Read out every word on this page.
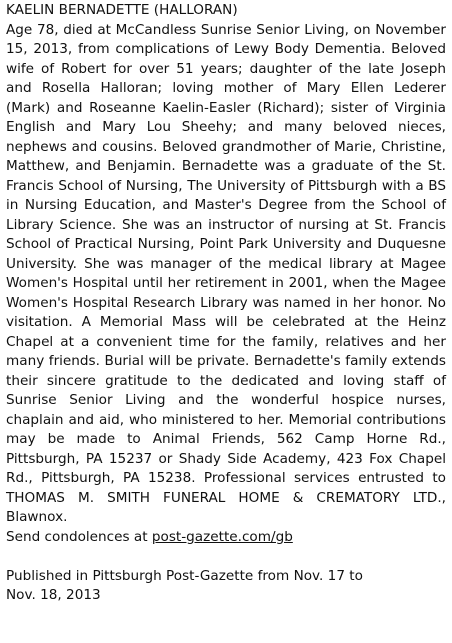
KAELIN BERNADETTE (HALLORAN)

Age 78, died at McCandless Sunrise Senior Living, on November 15, 2013, from complications of Lewy Body Dementia. Beloved wife of Robert for over 51 years; daughter of the late Joseph and Rosella Halloran; loving mother of Mary Ellen Lederer (Mark) and Roseanne Kaelin-Easler (Richard); sister of Virginia English and Mary Lou Sheehy; and many beloved nieces, nephews and cousins. Beloved grandmother of Marie, Christine, Matthew, and Benjamin. Bernadette was a graduate of the St. Francis School of Nursing, The University of Pittsburgh with a BS in Nursing Education, and Master's Degree from the School of Library Science. She was an instructor of nursing at St. Francis School of Practical Nursing, Point Park University and Duquesne University. She was manager of the medical library at Magee Women's Hospital until her retirement in 2001, when the Magee Women's Hospital Research Library was named in her honor. No visitation. A Memorial Mass will be celebrated at the Heinz Chapel at a convenient time for the family, relatives and her many friends. Burial will be private. Bernadette's family extends their sincere gratitude to the dedicated and loving staff of Sunrise Senior Living and the wonderful hospice nurses, chaplain and aid, who ministered to her. Memorial contributions may be made to Animal Friends, 562 Camp Horne Rd., Pittsburgh, PA 15237 or Shady Side Academy, 423 Fox Chapel Rd., Pittsburgh, PA 15238. Professional services entrusted to THOMAS M. SMITH FUNERAL HOME & CREMATORY LTD., Blawnox.

Send condolences at post-gazette.com/gb

Published in Pittsburgh Post-Gazette from Nov. 17 to
Nov. 18, 2013
